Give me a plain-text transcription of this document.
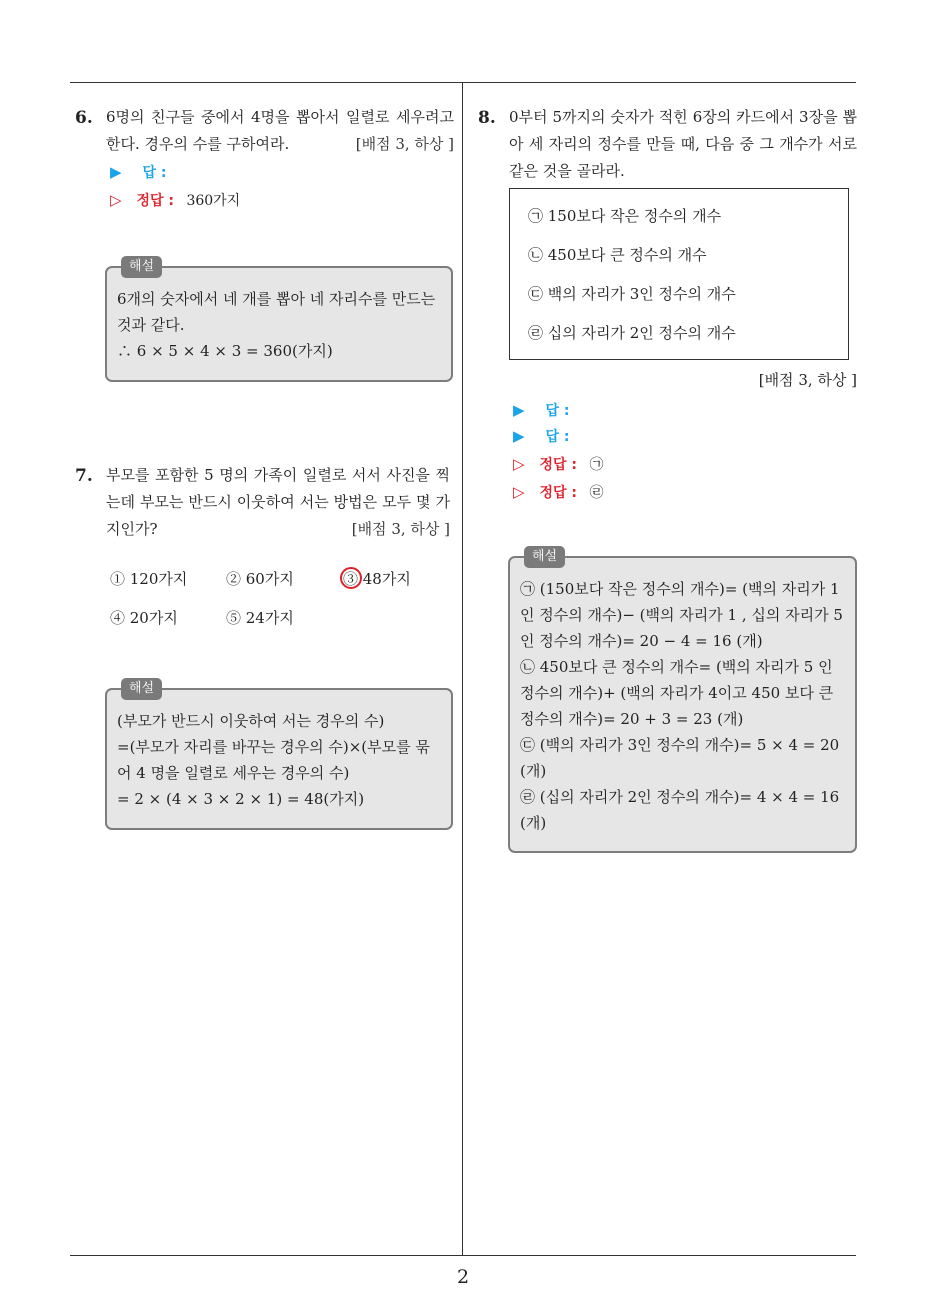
6. 6명의 친구들 중에서 4명을 뽑아서 일렬로 세우려고 한다. 경우의 수를 구하여라.	[배점 3, 하상 ]
▶ 답 :
▷ 정답 : 360가지
해설

6개의 숫자에서 네 개를 뽑아 네 자리수를 만드는 것과 같다.

∴ 6 × 5 × 4 × 3 = 360(가지)

7. 부모를 포함한 5 명의 가족이 일렬로 서서 사진을 찍는데 부모는 반드시 이웃하여 서는 방법은 모두 몇 가지인가?	[배점 3, 하상 ]
① 120가지	② 60가지	③ 48가지
④ 20가지	⑤ 24가지
해설

(부모가 반드시 이웃하여 서는 경우의 수)

=(부모가 자리를 바꾸는 경우의 수)×(부모를 묶어 4 명을 일렬로 세우는 경우의 수)

= 2 × (4 × 3 × 2 × 1) = 48(가지)

8. 0부터 5까지의 숫자가 적힌 6장의 카드에서 3장을 뽑아 세 자리의 정수를 만들 때, 다음 중 그 개수가 서로 같은 것을 골라라.
㉠ 150보다 작은 정수의 개수
㉡ 450보다 큰 정수의 개수
㉢ 백의 자리가 3인 정수의 개수
㉣ 십의 자리가 2인 정수의 개수
[배점 3, 하상 ]
▶ 답 :
▶ 답 :
▷ 정답 : ㉠
▷ 정답 : ㉣
해설

㉠ (150보다 작은 정수의 개수)= (백의 자리가 1 인 정수의 개수)− (백의 자리가 1 , 십의 자리가 5 인 정수의 개수)= 20 − 4 = 16 (개)

㉡ 450보다 큰 정수의 개수= (백의 자리가 5 인 정수의 개수)+ (백의 자리가 4이고 450 보다 큰 정수의 개수)= 20 + 3 = 23 (개)

㉢ (백의 자리가 3인 정수의 개수)= 5 × 4 = 20 (개)

㉣ (십의 자리가 2인 정수의 개수)= 4 × 4 = 16 (개)

2
